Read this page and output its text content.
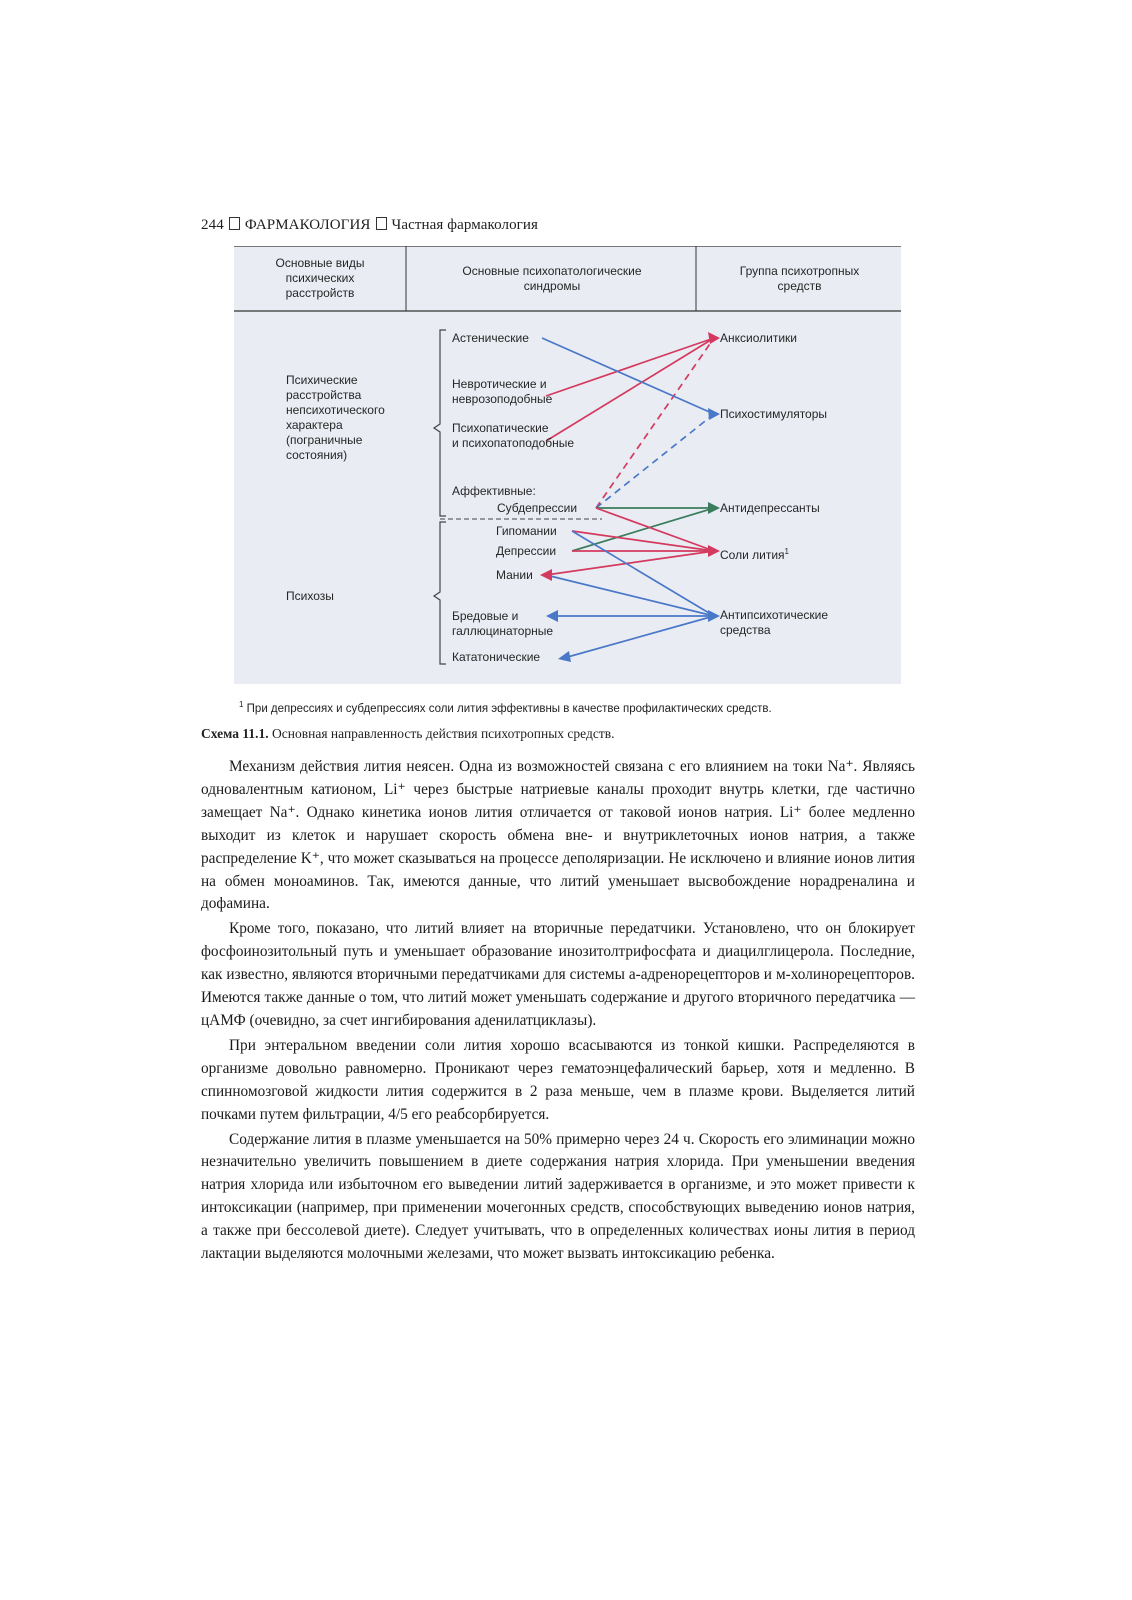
244 ФАРМАКОЛОГИЯ Частная фармакология
Основные виды
психических
расстройств
Основные психопатологические
синдромы
Группа психотропных
средств
Психические
расстройства
непсихотического
характера
(пограничные
состояния)
Психозы
Астенические
Невротические и
неврозоподобные
Психопатические
и психопатоподобные
Аффективные:
Субдепрессии
Гипомании
Депрессии
Мании
Бредовые и
галлюцинаторные
Кататонические
Анксиолитики
Психостимуляторы
Антидепрессанты
Соли лития$^1$
Антипсихотические
средства
$^1$ При депрессиях и субдепрессиях соли лития эффективны в качестве профилактических средств.
Схема 11.1. Основная направленность действия психотропных средств.

Механизм действия лития неясен. Одна из возможностей связана с его влиянием на токи Na⁺. Являясь одновалентным катионом, Li⁺ через быстрые натриевые каналы проходит внутрь клетки, где частично замещает Na⁺. Однако кинетика ионов лития отличается от таковой ионов натрия. Li⁺ более медленно выходит из клеток и нарушает скорость обмена вне- и внутриклеточных ионов натрия, а также распределение K⁺, что может сказываться на процессе деполяризации. Не исключено и влияние ионов лития на обмен моноаминов. Так, имеются данные, что литий уменьшает высвобождение норадреналина и дофамина.

Кроме того, показано, что литий влияет на вторичные передатчики. Установлено, что он блокирует фосфоинозитольный путь и уменьшает образование инозитолтрифосфата и диацилглицерола. Последние, как известно, являются вторичными передатчиками для системы а-адренорецепторов и м-холинорецепторов. Имеются также данные о том, что литий может уменьшать содержание и другого вторичного передатчика — цАМФ (очевидно, за счет ингибирования аденилатциклазы).

При энтеральном введении соли лития хорошо всасываются из тонкой кишки. Распределяются в организме довольно равномерно. Проникают через гематоэнцефалический барьер, хотя и медленно. В спинномозговой жидкости лития содержится в 2 раза меньше, чем в плазме крови. Выделяется литий почками путем фильтрации, 4/5 его реабсорбируется.

Содержание лития в плазме уменьшается на 50% примерно через 24 ч. Скорость его элиминации можно незначительно увеличить повышением в диете содержания натрия хлорида. При уменьшении введения натрия хлорида или избыточном его выведении литий задерживается в организме, и это может привести к интоксикации (например, при применении мочегонных средств, способствующих выведению ионов натрия, а также при бессолевой диете). Следует учитывать, что в определенных количествах ионы лития в период лактации выделяются молочными железами, что может вызвать интоксикацию ребенка.
